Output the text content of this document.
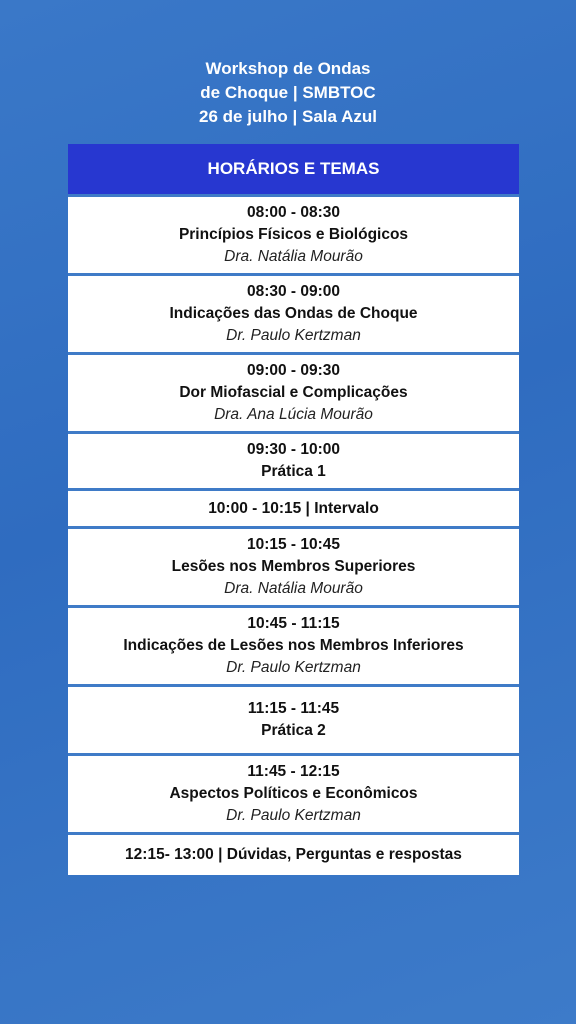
Workshop de Ondas
de Choque | SMBTOC
26 de julho | Sala Azul
HORÁRIOS E TEMAS
08:00 - 08:30
Princípios Físicos e Biológicos
Dra. Natália Mourão
08:30 - 09:00
Indicações das Ondas de Choque
Dr. Paulo Kertzman
09:00 - 09:30
Dor Miofascial e Complicações
Dra. Ana Lúcia Mourão
09:30 - 10:00
Prática 1
10:00 - 10:15 | Intervalo
10:15 - 10:45
Lesões nos Membros Superiores
Dra. Natália Mourão
10:45 - 11:15
Indicações de Lesões nos Membros Inferiores
Dr. Paulo Kertzman
11:15 - 11:45
Prática 2
11:45 - 12:15
Aspectos Políticos e Econômicos
Dr. Paulo Kertzman
12:15- 13:00 | Dúvidas, Perguntas e respostas
